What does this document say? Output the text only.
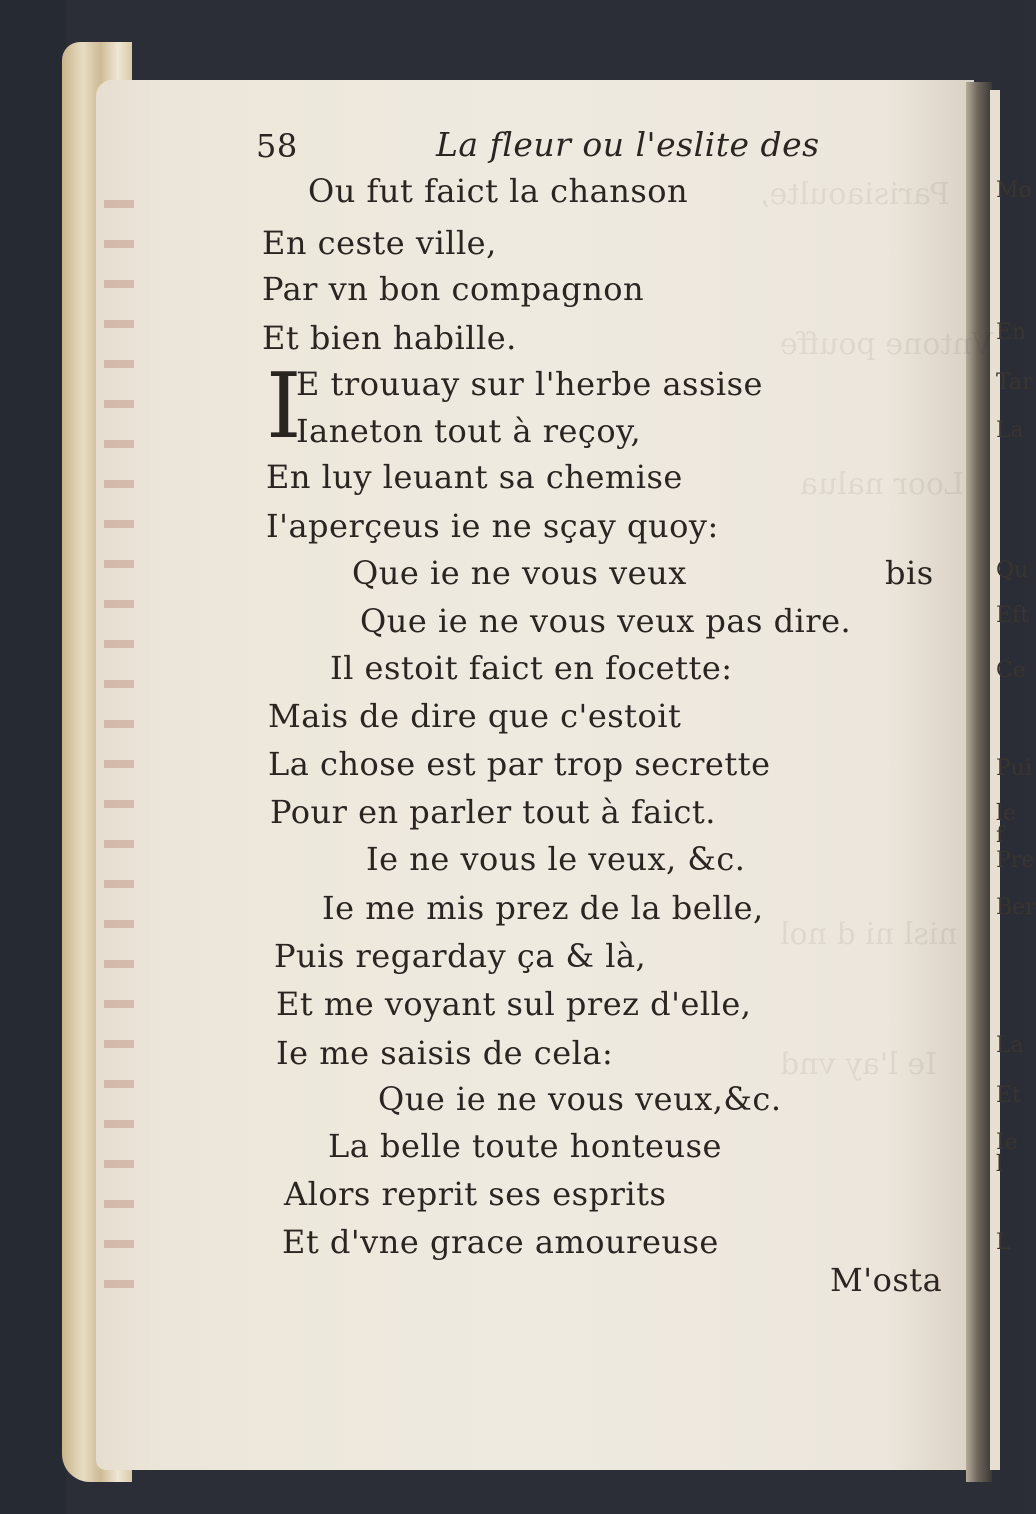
Parisiaoulte,
Vntone pouffe
Loor nalua
nisl ni d nol
Ie l'ay vnd
58	La fleur ou l'eslite des
Ou fut faict la chanson
En ceste ville,
Par vn bon compagnon
Et bien habille.
I
E trouuay sur l'herbe assise
Ianeton tout à reçoy,
En luy leuant sa chemise
I'aperçeus ie ne sçay quoy:
Que ie ne vous veux	bis
Que ie ne vous veux pas dire.
Il estoit faict en focette:
Mais de dire que c'estoit
La chose est par trop secrette
Pour en parler tout à faict.
Ie ne vous le veux, &c.
Ie me mis prez de la belle,
Puis regarday ça & là,
Et me voyant sul prez d'elle,
Ie me saisis de cela:
Que ie ne vous veux,&c.
La belle toute honteuse
Alors reprit ses esprits
Et d'vne grace amoureuse
M'osta
Mo
En
Tar
La
Qu
Eft
Ce
Pui
le f
Pre
Ber
La
Et
Ie l
L
